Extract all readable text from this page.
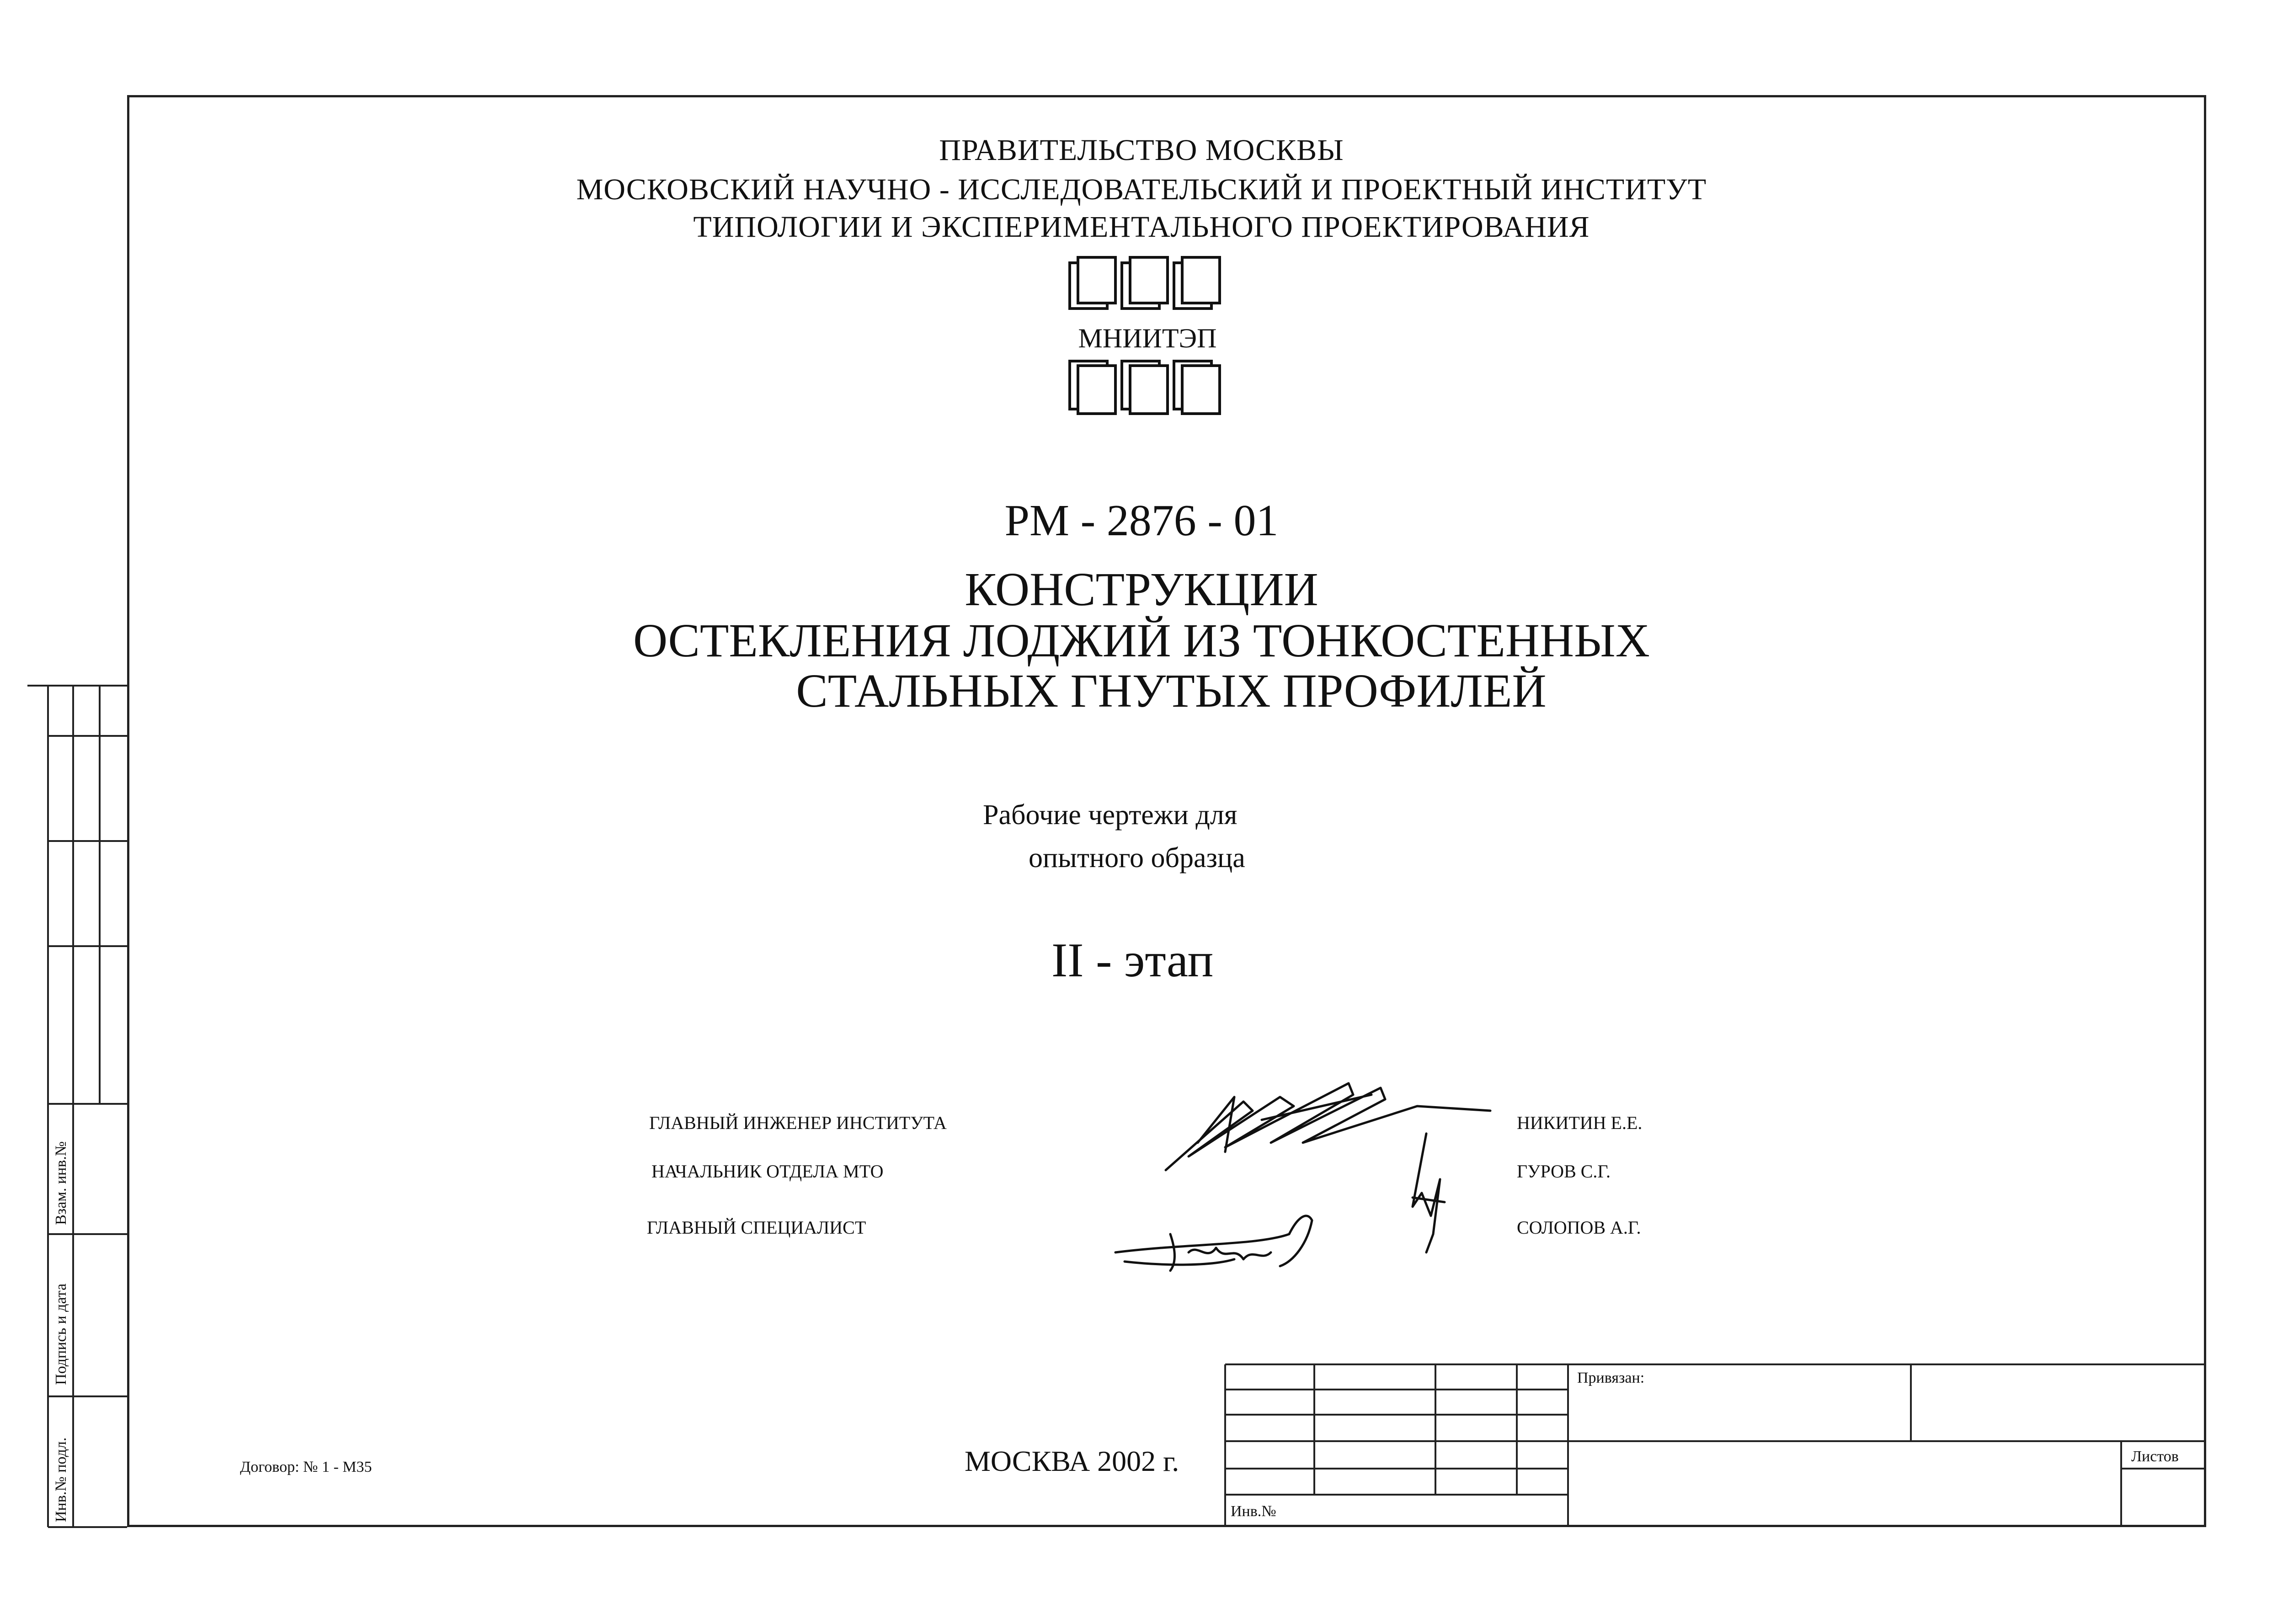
ПРАВИТЕЛЬСТВО МОСКВЫ
МОСКОВСКИЙ НАУЧНО - ИССЛЕДОВАТЕЛЬСКИЙ И ПРОЕКТНЫЙ ИНСТИТУТ
ТИПОЛОГИИ И ЭКСПЕРИМЕНТАЛЬНОГО ПРОЕКТИРОВАНИЯ
МНИИТЭП
РМ - 2876 - 01
КОНСТРУКЦИИ
ОСТЕКЛЕНИЯ ЛОДЖИЙ ИЗ ТОНКОСТЕННЫХ
СТАЛЬНЫХ ГНУТЫХ ПРОФИЛЕЙ
Рабочие чертежи для
опытного образца
II - этап
ГЛАВНЫЙ ИНЖЕНЕР ИНСТИТУТА
НАЧАЛЬНИК ОТДЕЛА МТО
ГЛАВНЫЙ СПЕЦИАЛИСТ
НИКИТИН Е.Е.
ГУРОВ С.Г.
СОЛОПОВ А.Г.
Договор: № 1 - М35	МОСКВА 2002 г.
Привязан:
Листов
Инв.№
Инв.№ подл.
Подпись и дата
Взам. инв.№
